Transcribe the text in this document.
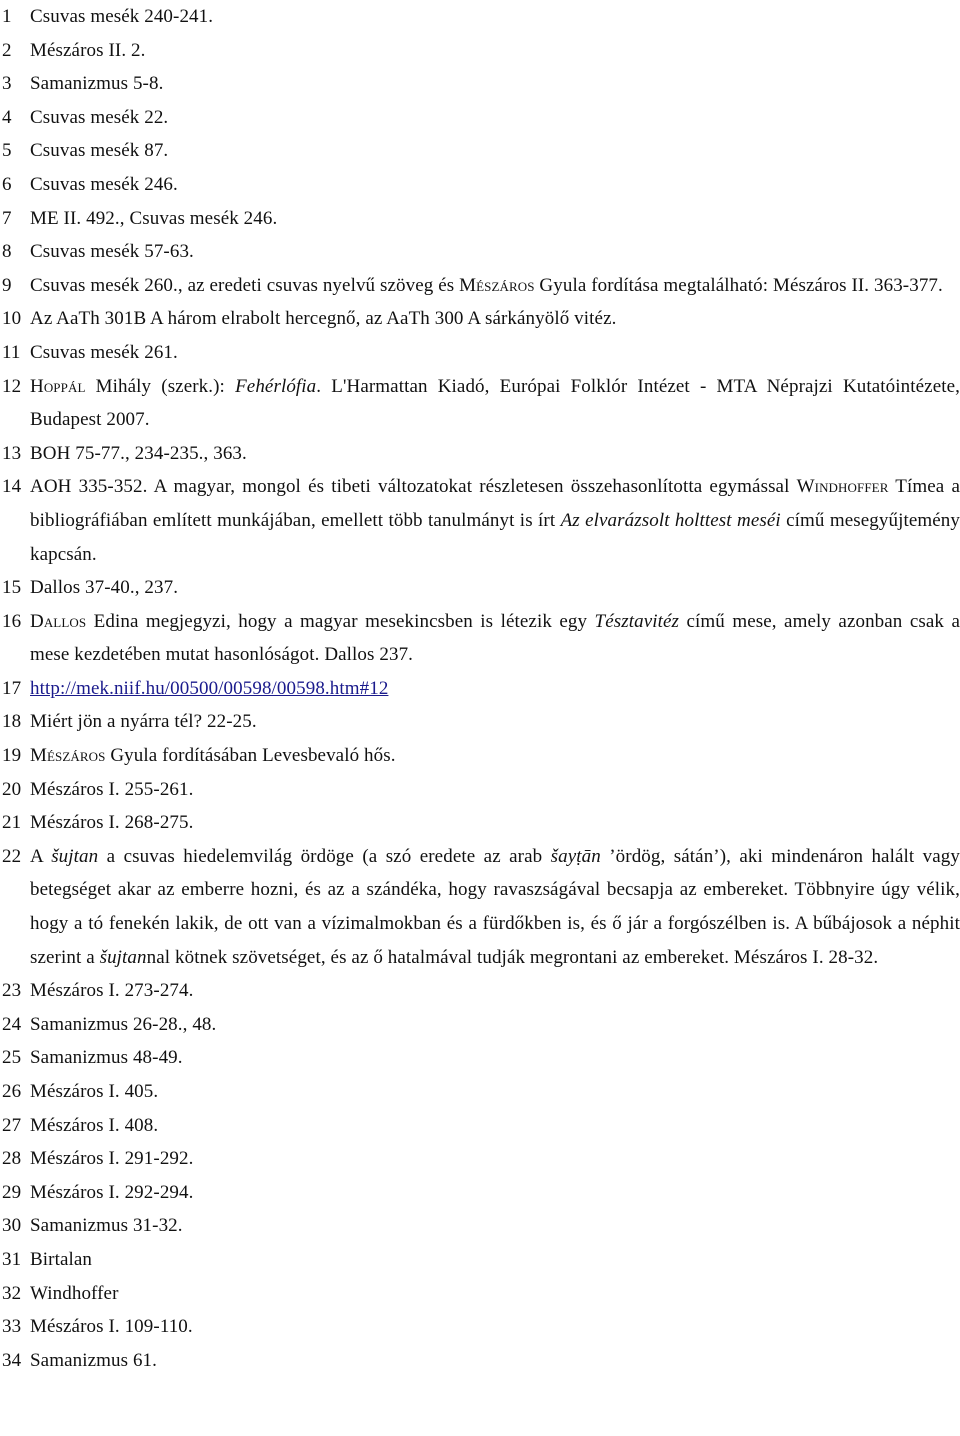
1 Csuvas mesék 240-241.
2 Mészáros II. 2.
3 Samanizmus 5-8.
4 Csuvas mesék 22.
5 Csuvas mesék 87.
6 Csuvas mesék 246.
7 ME II. 492., Csuvas mesék 246.
8 Csuvas mesék 57-63.
9 Csuvas mesék 260., az eredeti csuvas nyelvű szöveg és Mészáros Gyula fordítása megtalálható: Mészáros II. 363-377.
10 Az AaTh 301B A három elrabolt hercegnő, az AaTh 300 A sárkányölő vitéz.
11 Csuvas mesék 261.
12 Hoppál Mihály (szerk.): Fehérlófia. L'Harmattan Kiadó, Európai Folklór Intézet - MTA Néprajzi Kutatóintézete, Budapest 2007.
13 BOH 75-77., 234-235., 363.
14 AOH 335-352. A magyar, mongol és tibeti változatokat részletesen összehasonlította egymással Windhoffer Tímea a bibliográfiában említett munkájában, emellett több tanulmányt is írt Az elvarázsolt holttest meséi című mesegyűjtemény kapcsán.
15 Dallos 37-40., 237.
16 Dallos Edina megjegyzi, hogy a magyar mesekincsben is létezik egy Tésztavitéz című mese, amely azonban csak a mese kezdetében mutat hasonlóságot. Dallos 237.
17 http://mek.niif.hu/00500/00598/00598.htm#12
18 Miért jön a nyárra tél? 22-25.
19 Mészáros Gyula fordításában Levesbevaló hős.
20 Mészáros I. 255-261.
21 Mészáros I. 268-275.
22 A šujtan a csuvas hiedelemvilág ördöge (a szó eredete az arab šayṭān ’ördög, sátán’), aki mindenáron halált vagy betegséget akar az emberre hozni, és az a szándéka, hogy ravaszságával becsapja az embereket. Többnyire úgy vélik, hogy a tó fenekén lakik, de ott van a vízimalmokban és a fürdőkben is, és ő jár a forgószélben is. A bűbájosok a néphit szerint a šujtannal kötnek szövetséget, és az ő hatalmával tudják megrontani az embereket. Mészáros I. 28-32.
23 Mészáros I. 273-274.
24 Samanizmus 26-28., 48.
25 Samanizmus 48-49.
26 Mészáros I. 405.
27 Mészáros I. 408.
28 Mészáros I. 291-292.
29 Mészáros I. 292-294.
30 Samanizmus 31-32.
31 Birtalan
32 Windhoffer
33 Mészáros I. 109-110.
34 Samanizmus 61.
